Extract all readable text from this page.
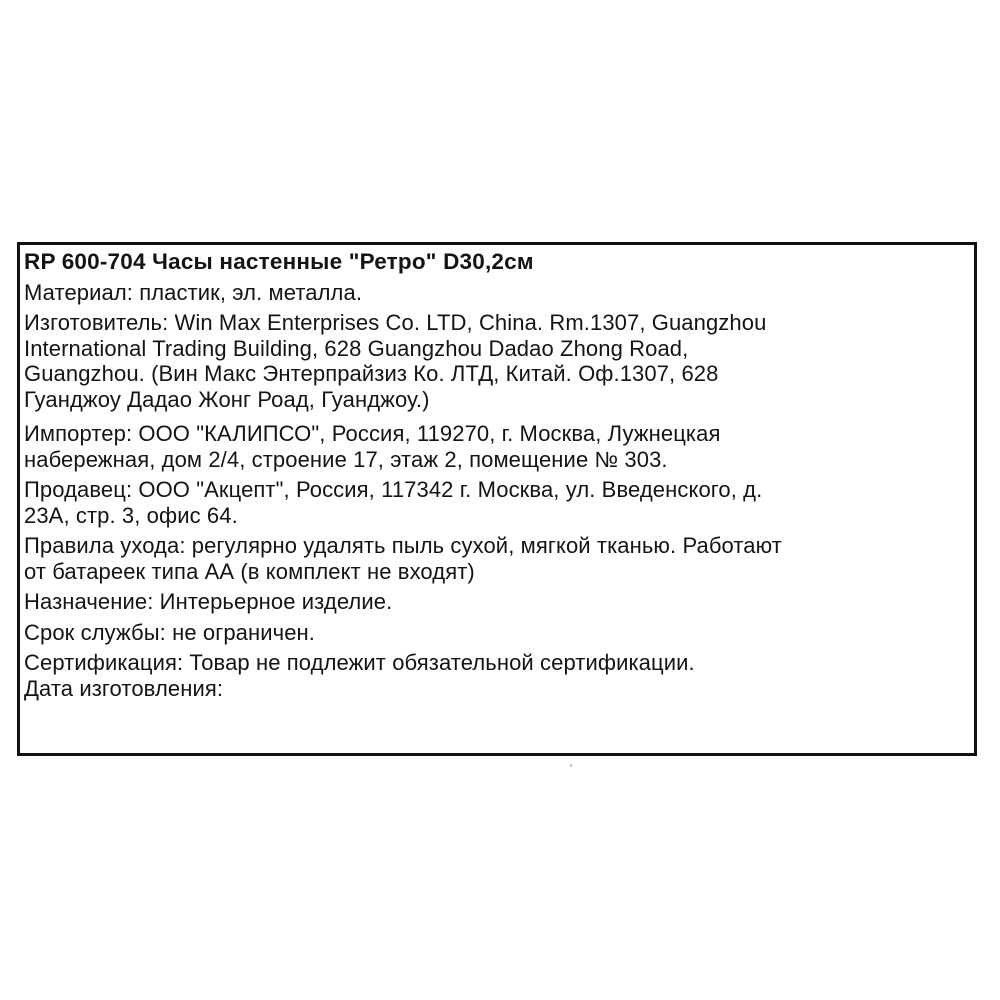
RP 600-704 Часы настенные "Ретро" D30,2см

Материал: пластик, эл. металла.

Изготовитель: Win Max Enterprises Co. LTD, China. Rm.1307, Guangzhou
International Trading Building, 628 Guangzhou Dadao Zhong Road,
Guangzhou. (Вин Макс Энтерпрайзиз Ко. ЛТД, Китай. Оф.1307, 628
Гуанджоу Дадао Жонг Роад, Гуанджоу.)

Импортер: ООО "КАЛИПСО", Россия, 119270, г. Москва, Лужнецкая
набережная, дом 2/4, строение 17, этаж 2, помещение № 303.

Продавец: ООО "Акцепт", Россия, 117342 г. Москва, ул. Введенского, д.
23А, стр. 3, офис 64.

Правила ухода: регулярно удалять пыль сухой, мягкой тканью. Работают
от батареек типа АА (в комплект не входят)

Назначение: Интерьерное изделие.

Срок службы: не ограничен.

Сертификация: Товар не подлежит обязательной сертификации.

Дата изготовления:
